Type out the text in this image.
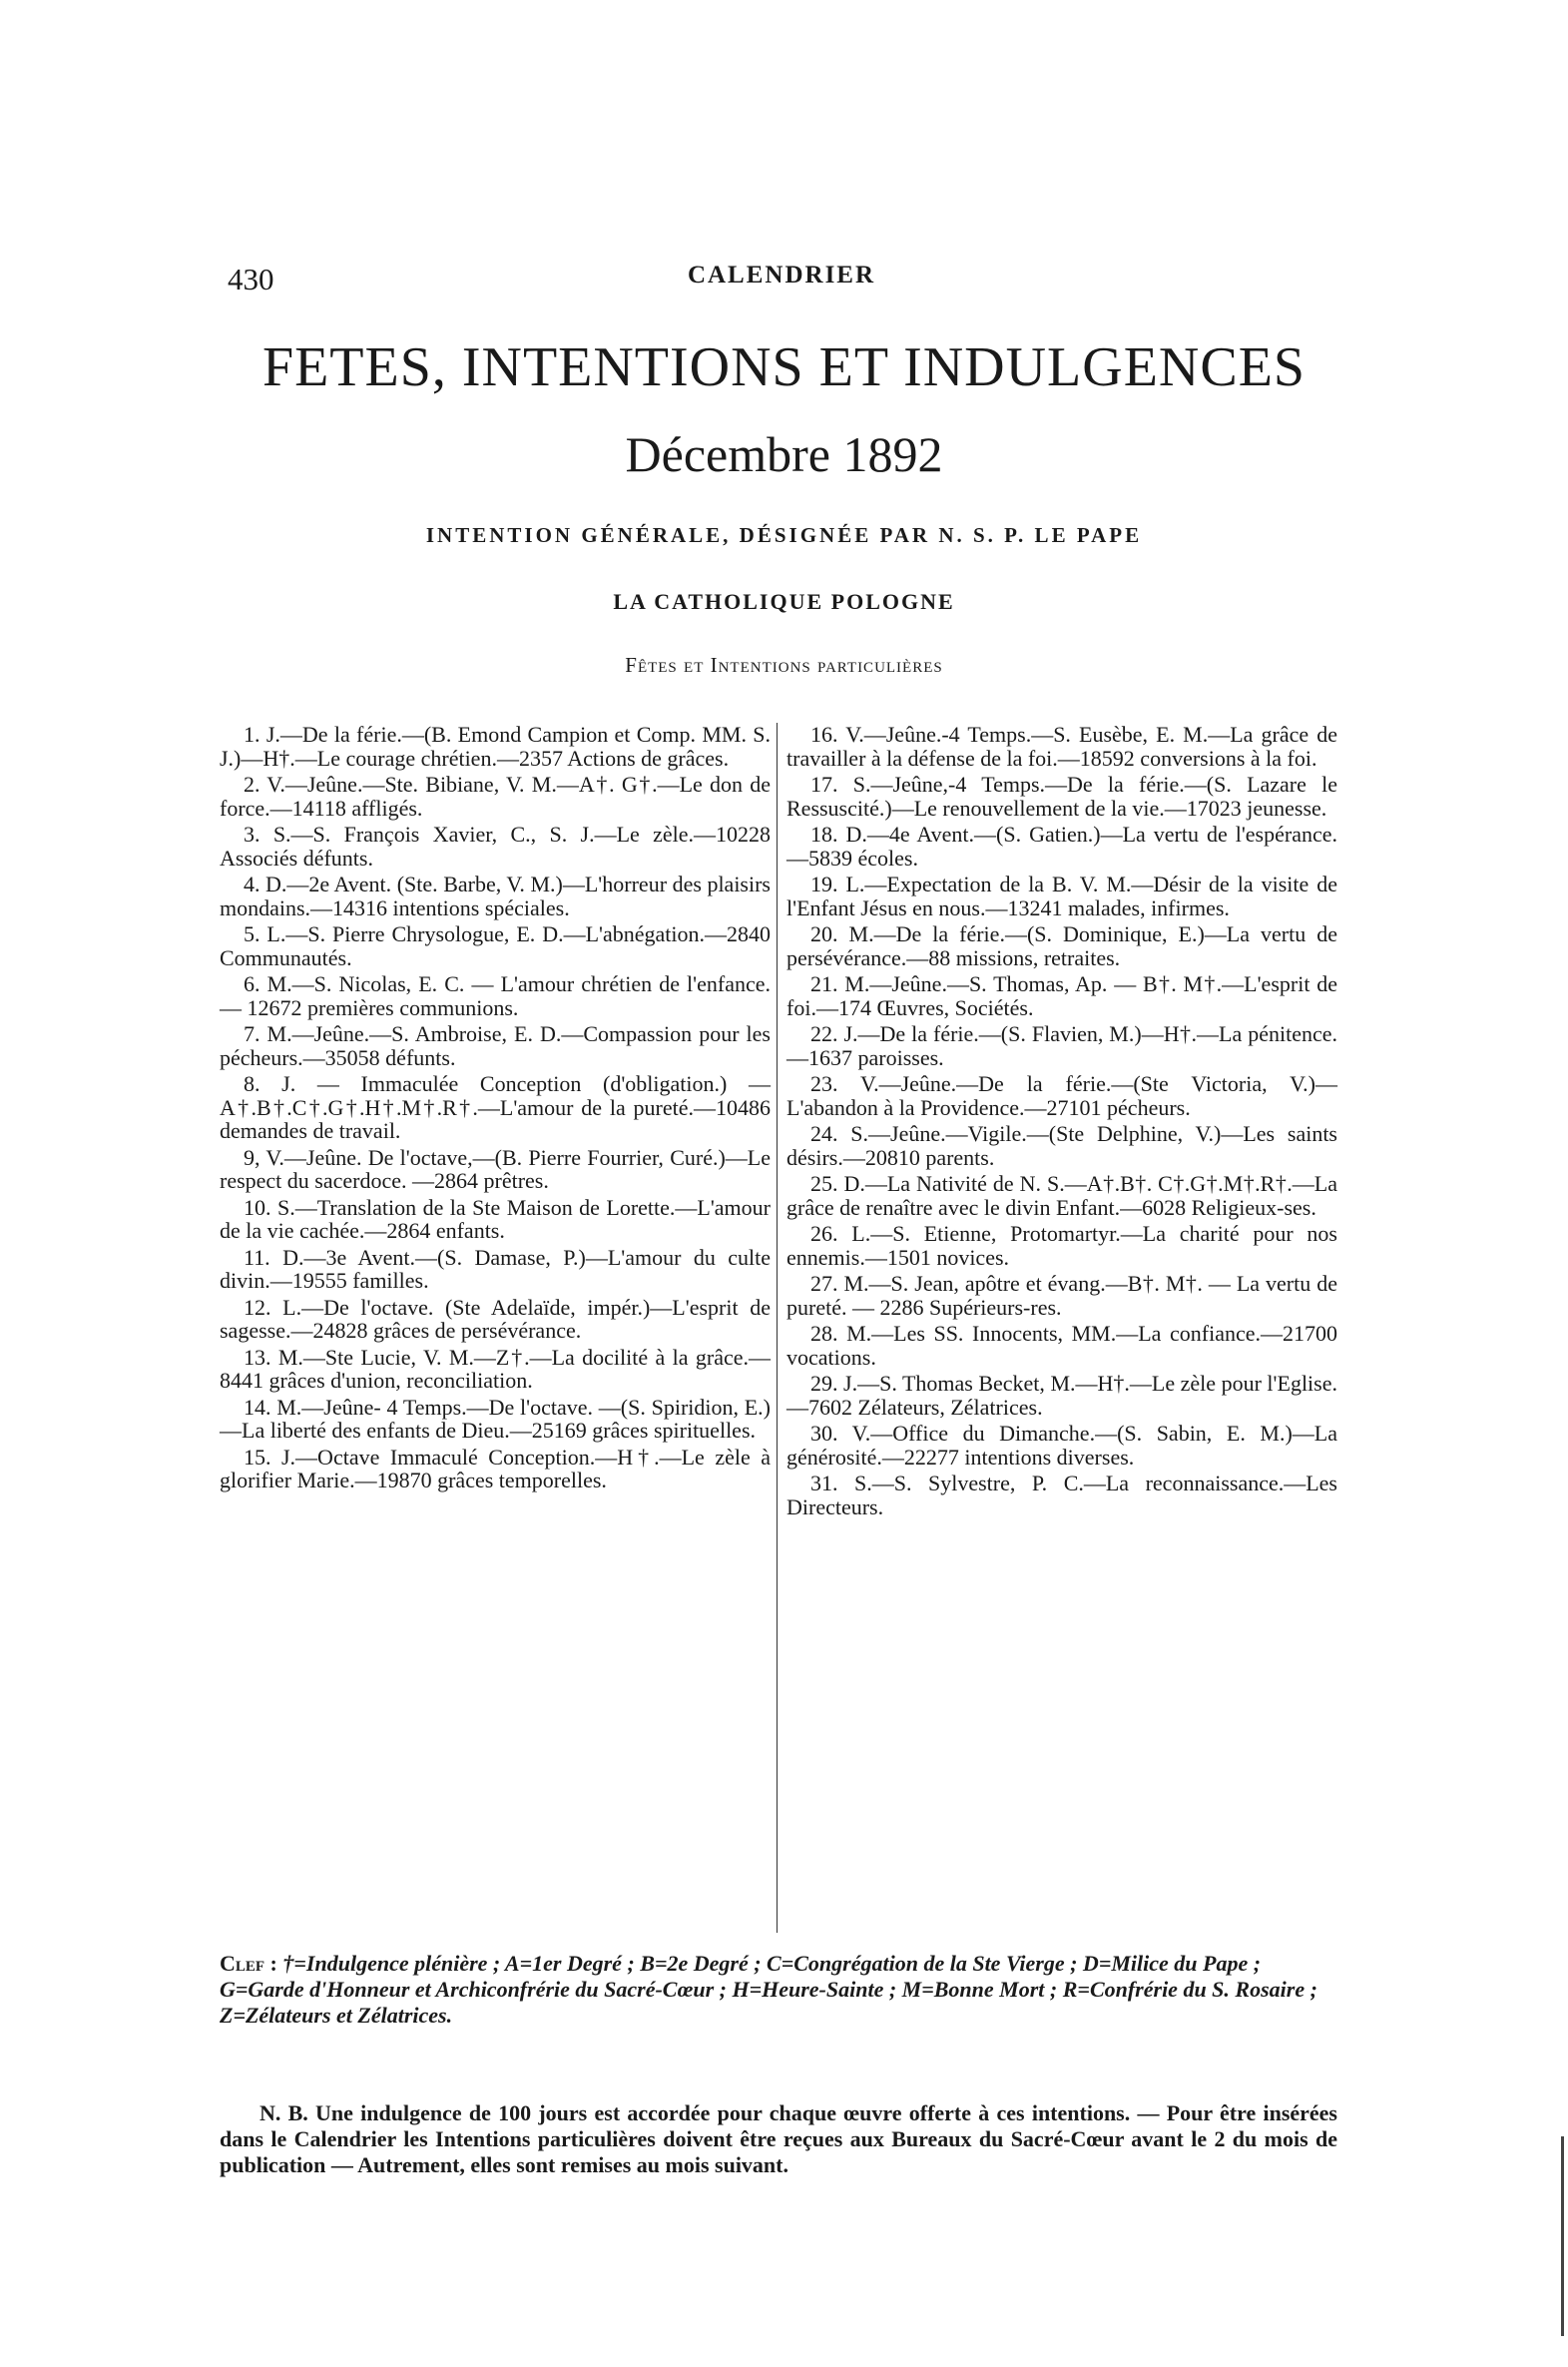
430	CALENDRIER
FETES, INTENTIONS ET INDULGENCES
Décembre 1892
INTENTION GÉNÉRALE, DÉSIGNÉE PAR N. S. P. LE PAPE
LA CATHOLIQUE POLOGNE
Fêtes et Intentions particulières

1. J.—De la férie.—(B. Emond Campion et Comp. MM. S. J.)—H†.—Le courage chrétien.—2357 Actions de grâces.

2. V.—Jeûne.—Ste. Bibiane, V. M.—A†. G†.—Le don de force.—14118 affligés.

3. S.—S. François Xavier, C., S. J.—Le zèle.—10228 Associés défunts.

4. D.—2e Avent. (Ste. Barbe, V. M.)—L'horreur des plaisirs mondains.—14316 intentions spéciales.

5. L.—S. Pierre Chrysologue, E. D.—L'abnégation.—2840 Communautés.

6. M.—S. Nicolas, E. C. — L'amour chrétien de l'enfance. — 12672 premières communions.

7. M.—Jeûne.—S. Ambroise, E. D.—Compassion pour les pécheurs.—35058 défunts.

8. J. — Immaculée Conception (d'obligation.) —A†.B†.C†.G†.H†.M†.R†.—L'amour de la pureté.—10486 demandes de travail.

9, V.—Jeûne. De l'octave,—(B. Pierre Fourrier, Curé.)—Le respect du sacerdoce. —2864 prêtres.

10. S.—Translation de la Ste Maison de Lorette.—L'amour de la vie cachée.—2864 enfants.

11. D.—3e Avent.—(S. Damase, P.)—L'amour du culte divin.—19555 familles.

12. L.—De l'octave. (Ste Adelaïde, impér.)—L'esprit de sagesse.—24828 grâces de persévérance.

13. M.—Ste Lucie, V. M.—Z†.—La docilité à la grâce.—8441 grâces d'union, reconciliation.

14. M.—Jeûne- 4 Temps.—De l'octave. —(S. Spiridion, E.)—La liberté des enfants de Dieu.—25169 grâces spirituelles.

15. J.—Octave Immaculé Conception.—H†.—Le zèle à glorifier Marie.—19870 grâces temporelles.

16. V.—Jeûne.-4 Temps.—S. Eusèbe, E. M.—La grâce de travailler à la défense de la foi.—18592 conversions à la foi.

17. S.—Jeûne,-4 Temps.—De la férie.—(S. Lazare le Ressuscité.)—Le renouvellement de la vie.—17023 jeunesse.

18. D.—4e Avent.—(S. Gatien.)—La vertu de l'espérance.—5839 écoles.

19. L.—Expectation de la B. V. M.—Désir de la visite de l'Enfant Jésus en nous.—13241 malades, infirmes.

20. M.—De la férie.—(S. Dominique, E.)—La vertu de persévérance.—88 missions, retraites.

21. M.—Jeûne.—S. Thomas, Ap. — B†. M†.—L'esprit de foi.—174 Œuvres, Sociétés.

22. J.—De la férie.—(S. Flavien, M.)—H†.—La pénitence.—1637 paroisses.

23. V.—Jeûne.—De la férie.—(Ste Victoria, V.)—L'abandon à la Providence.—27101 pécheurs.

24. S.—Jeûne.—Vigile.—(Ste Delphine, V.)—Les saints désirs.—20810 parents.

25. D.—La Nativité de N. S.—A†.B†. C†.G†.M†.R†.—La grâce de renaître avec le divin Enfant.—6028 Religieux-ses.

26. L.—S. Etienne, Protomartyr.—La charité pour nos ennemis.—1501 novices.

27. M.—S. Jean, apôtre et évang.—B†. M†. — La vertu de pureté. — 2286 Supérieurs-res.

28. M.—Les SS. Innocents, MM.—La confiance.—21700 vocations.

29. J.—S. Thomas Becket, M.—H†.—Le zèle pour l'Eglise.—7602 Zélateurs, Zélatrices.

30. V.—Office du Dimanche.—(S. Sabin, E. M.)—La générosité.—22277 intentions diverses.

31. S.—S. Sylvestre, P. C.—La reconnaissance.—Les Directeurs.

Clef : †=Indulgence plénière ; A=1er Degré ; B=2e Degré ; C=Congrégation de la Ste Vierge ; D=Milice du Pape ; G=Garde d'Honneur et Archiconfrérie du Sacré-Cœur ; H=Heure-Sainte ; M=Bonne Mort ; R=Confrérie du S. Rosaire ; Z=Zélateurs et Zélatrices.

N. B. Une indulgence de 100 jours est accordée pour chaque œuvre offerte à ces intentions. — Pour être insérées dans le Calendrier les Intentions particulières doivent être reçues aux Bureaux du Sacré-Cœur avant le 2 du mois de publication — Autrement, elles sont remises au mois suivant.
